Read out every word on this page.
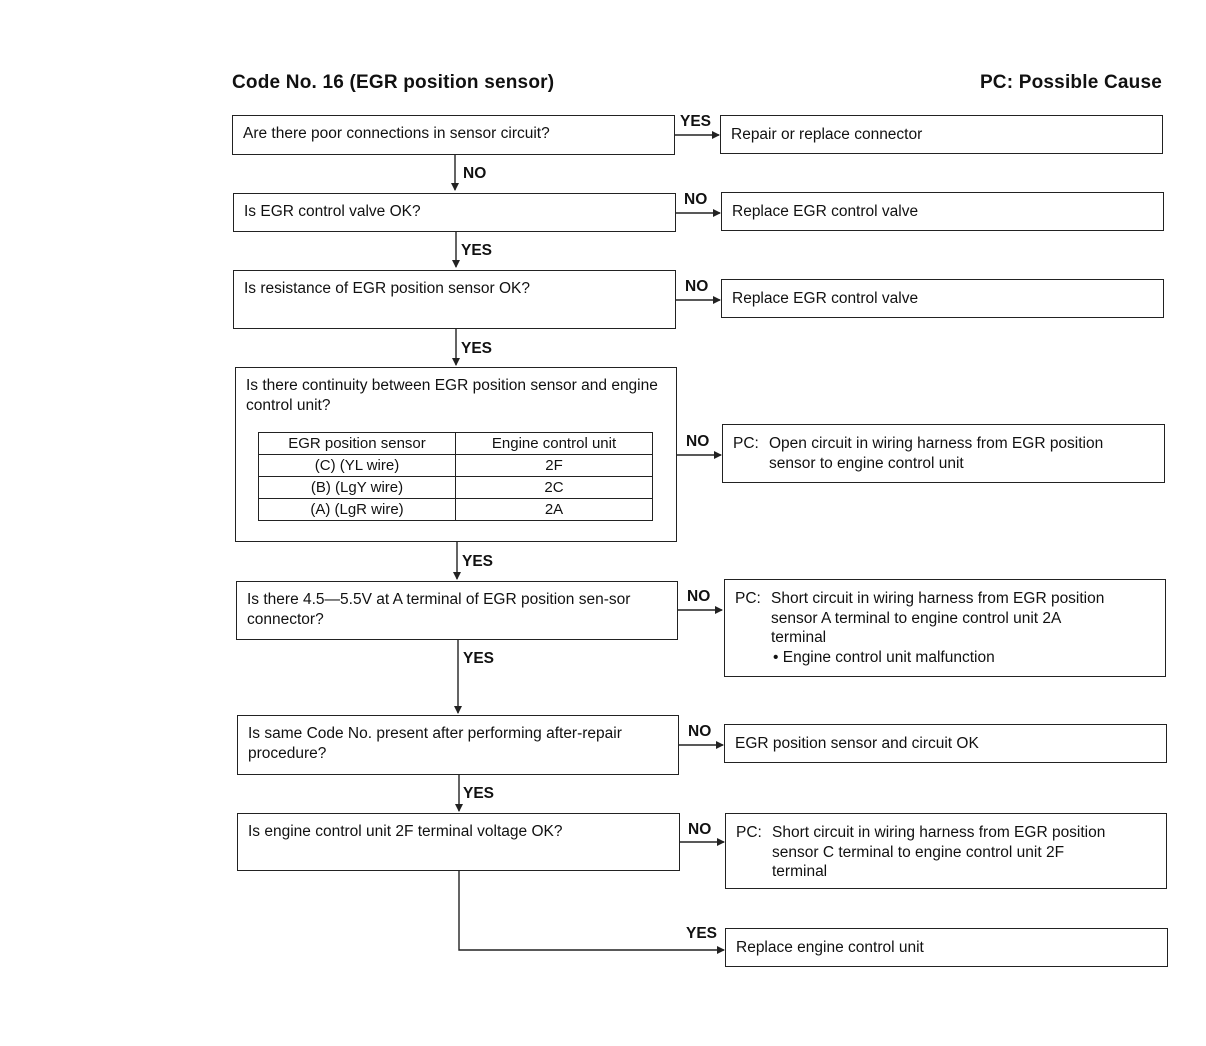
Code No. 16 (EGR position sensor)	PC: Possible Cause
Are there poor connections in sensor circuit?
Is EGR control valve OK?
Is resistance of EGR position sensor OK?
Is there continuity between EGR position sensor and engine control unit?
EGR position sensor	Engine control unit
(C) (YL wire)	2F
(B) (LgY wire)	2C
(A) (LgR wire)	2A
Is there 4.5—5.5V at A terminal of EGR position sen-sor connector?
Is same Code No. present after performing after-repair procedure?
Is engine control unit 2F terminal voltage OK?
YES
NO
NO
NO
NO
NO
NO
YES
NO
YES
YES
YES
YES
YES
Repair or replace connector
Replace EGR control valve
Replace EGR control valve
PC: Open circuit in wiring harness from EGR position
sensor to engine control unit
PC: Short circuit in wiring harness from EGR position
sensor A terminal to engine control unit 2A
terminal
• Engine control unit malfunction
EGR position sensor and circuit OK
PC: Short circuit in wiring harness from EGR position
sensor C terminal to engine control unit 2F
terminal
Replace engine control unit
